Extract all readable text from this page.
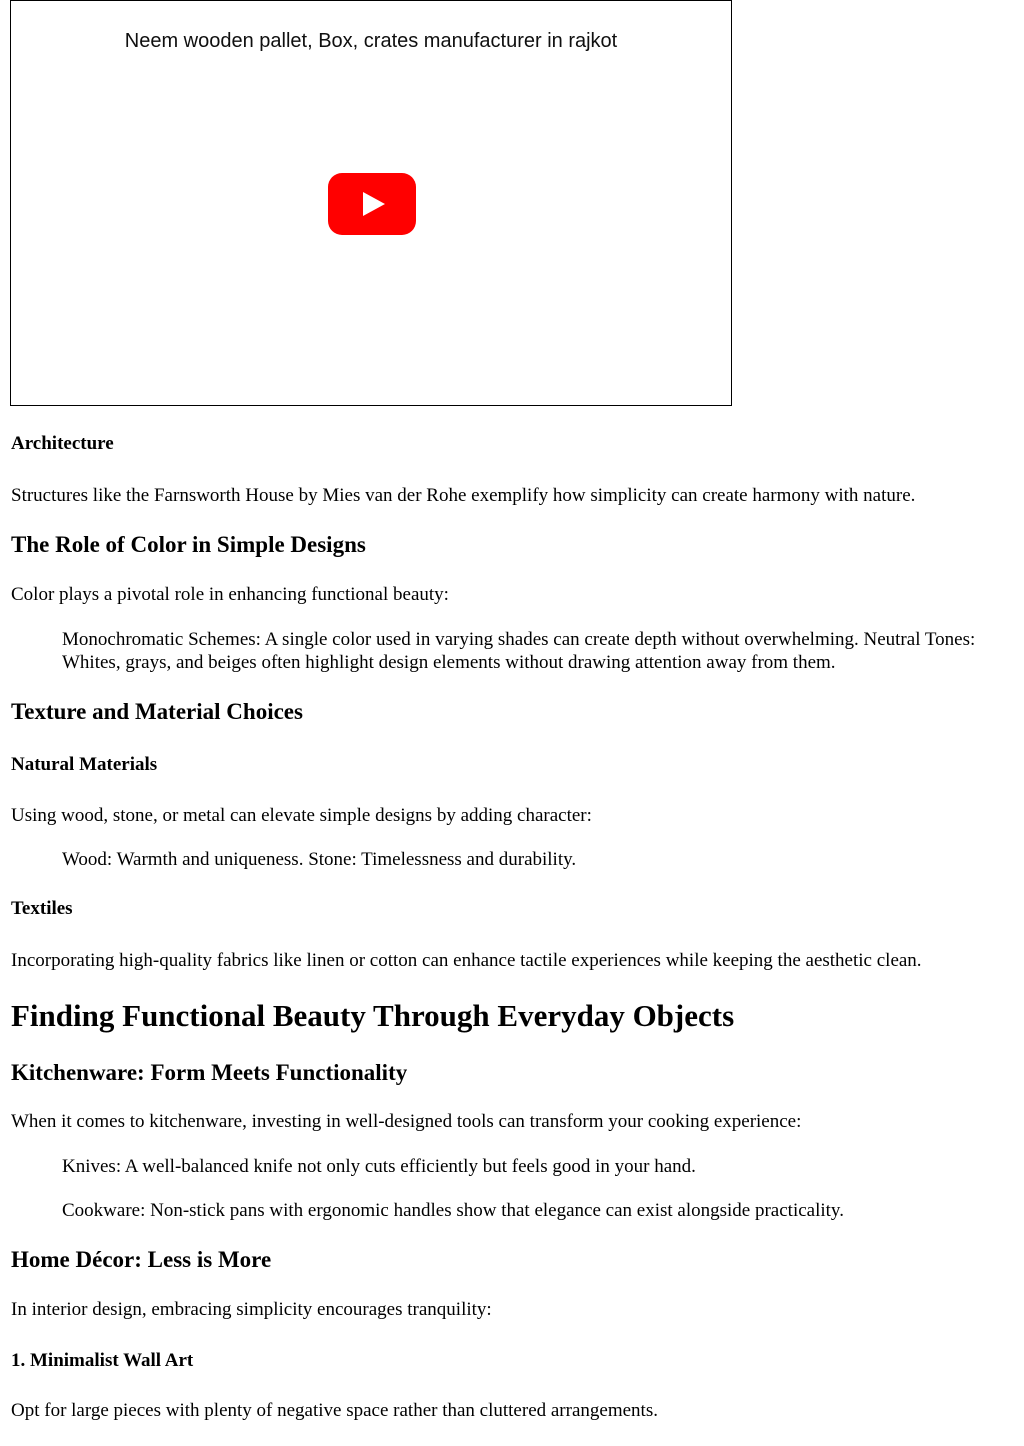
Neem wooden pallet, Box, crates manufacturer in rajkot
Architecture
Structures like the Farnsworth House by Mies van der Rohe exemplify how simplicity can create harmony with nature.
The Role of Color in Simple Designs
Color plays a pivotal role in enhancing functional beauty:
Monochromatic Schemes: A single color used in varying shades can create depth without overwhelming. Neutral Tones: Whites, grays, and beiges often highlight design elements without drawing attention away from them.
Texture and Material Choices
Natural Materials
Using wood, stone, or metal can elevate simple designs by adding character:
Wood: Warmth and uniqueness. Stone: Timelessness and durability.
Textiles
Incorporating high-quality fabrics like linen or cotton can enhance tactile experiences while keeping the aesthetic clean.
Finding Functional Beauty Through Everyday Objects
Kitchenware: Form Meets Functionality
When it comes to kitchenware, investing in well-designed tools can transform your cooking experience:
Knives: A well-balanced knife not only cuts efficiently but feels good in your hand.
Cookware: Non-stick pans with ergonomic handles show that elegance can exist alongside practicality.
Home Décor: Less is More
In interior design, embracing simplicity encourages tranquility:
1. Minimalist Wall Art
Opt for large pieces with plenty of negative space rather than cluttered arrangements.
